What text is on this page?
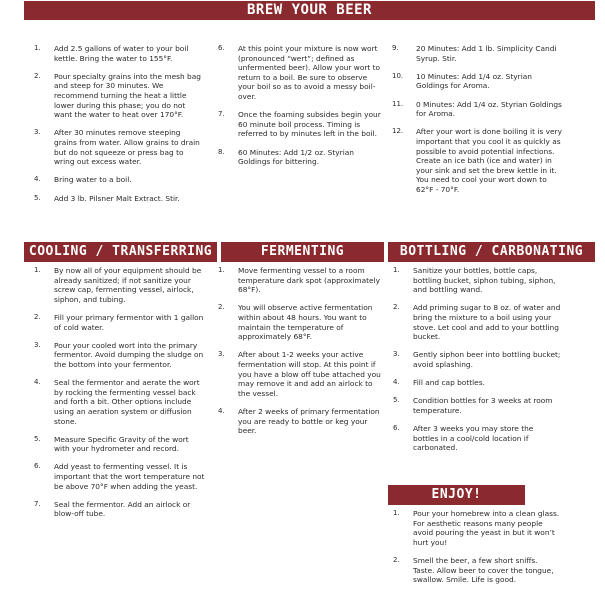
BREW YOUR BEER
1. Add 2.5 gallons of water to your boil kettle. Bring the water to 155°F.
2. Pour specialty grains into the mesh bag and steep for 30 minutes. We recommend turning the heat a little lower during this phase; you do not want the water to heat over 170°F.
3. After 30 minutes remove steeping grains from water. Allow grains to drain but do not squeeze or press bag to wring out excess water.
4. Bring water to a boil.
5. Add 3 lb. Pilsner Malt Extract. Stir.
6. At this point your mixture is now wort (pronounced “wert”; defined as unfermented beer). Allow your wort to return to a boil. Be sure to observe your boil so as to avoid a messy boil-over.
7. Once the foaming subsides begin your 60 minute boil process. Timing is referred to by minutes left in the boil.
8. 60 Minutes: Add 1/2 oz. Styrian Goldings for bittering.
9. 20 Minutes: Add 1 lb. Simplicity Candi Syrup. Stir.
10. 10 Minutes: Add 1/4 oz. Styrian Goldings for Aroma.
11. 0 Minutes: Add 1/4 oz. Styrian Goldings for Aroma.
12. After your wort is done boiling it is very important that you cool it as quickly as possible to avoid potential infections. Create an ice bath (ice and water) in your sink and set the brew kettle in it. You need to cool your wort down to 62°F - 70°F.
COOLING / TRANSFERRING
1. By now all of your equipment should be already sanitized; if not sanitize your screw cap, fermenting vessel, airlock, siphon, and tubing.
2. Fill your primary fermentor with 1 gallon of cold water.
3. Pour your cooled wort into the primary fermentor. Avoid dumping the sludge on the bottom into your fermentor.
4. Seal the fermentor and aerate the wort by rocking the fermenting vessel back and forth a bit. Other options include using an aeration system or diffusion stone.
5. Measure Specific Gravity of the wort with your hydrometer and record.
6. Add yeast to fermenting vessel. It is important that the wort temperature not be above 70°F when adding the yeast.
7. Seal the fermentor. Add an airlock or blow-off tube.
FERMENTING
1. Move fermenting vessel to a room temperature dark spot (approximately 68°F).
2. You will observe active fermentation within about 48 hours. You want to maintain the temperature of approximately 68°F.
3. After about 1-2 weeks your active fermentation will stop. At this point if you have a blow off tube attached you may remove it and add an airlock to the vessel.
4. After 2 weeks of primary fermentation you are ready to bottle or keg your beer.
BOTTLING / CARBONATING
1. Sanitize your bottles, bottle caps, bottling bucket, siphon tubing, siphon, and bottling wand.
2. Add priming sugar to 8 oz. of water and bring the mixture to a boil using your stove. Let cool and add to your bottling bucket.
3. Gently siphon beer into bottling bucket; avoid splashing.
4. Fill and cap bottles.
5. Condition bottles for 3 weeks at room temperature.
6. After 3 weeks you may store the bottles in a cool/cold location if carbonated.
ENJOY!
1. Pour your homebrew into a clean glass. For aesthetic reasons many people avoid pouring the yeast in but it won’t hurt you!
2. Smell the beer, a few short sniffs. Taste. Allow beer to cover the tongue, swallow. Smile. Life is good.
